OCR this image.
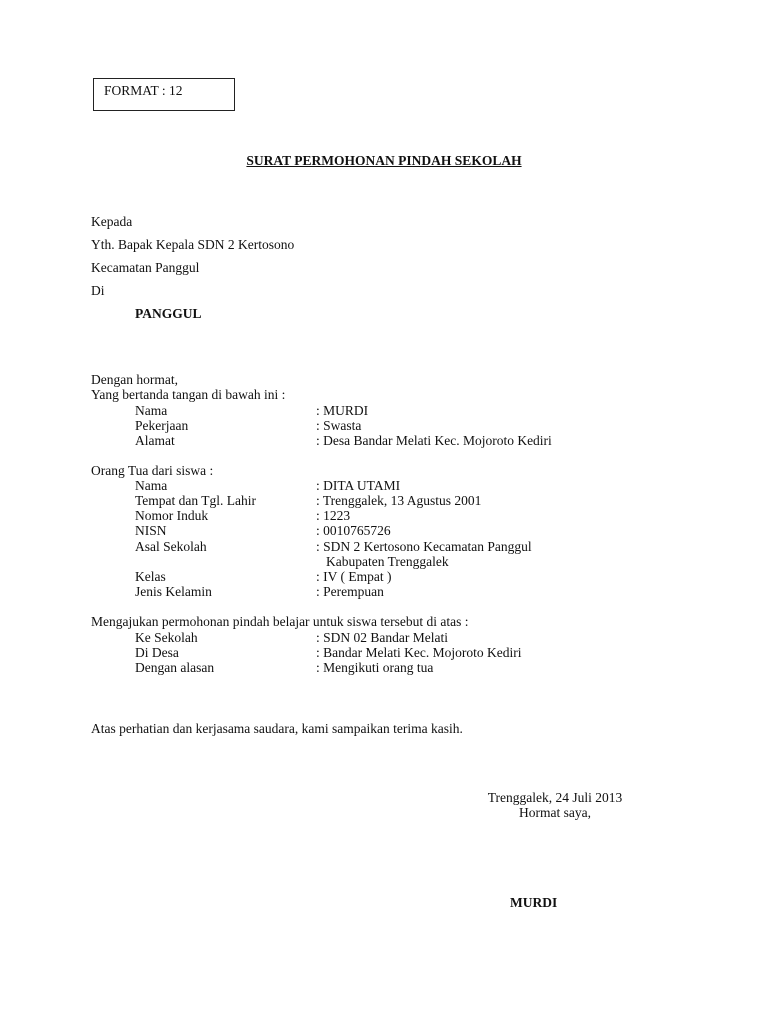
FORMAT : 12
SURAT PERMOHONAN PINDAH SEKOLAH
Kepada
Yth. Bapak Kepala SDN 2 Kertosono
Kecamatan Panggul
Di
PANGGUL
Dengan hormat,
Yang bertanda tangan di bawah ini :
Nama	: MURDI
Pekerjaan	: Swasta
Alamat	: Desa Bandar Melati Kec. Mojoroto Kediri
Orang Tua dari siswa :
Nama	: DITA UTAMI
Tempat dan Tgl. Lahir	: Trenggalek, 13 Agustus 2001
Nomor Induk	: 1223
NISN	: 0010765726
Asal Sekolah	: SDN 2 Kertosono Kecamatan Panggul
Kabupaten Trenggalek
Kelas	: IV ( Empat )
Jenis Kelamin	: Perempuan
Mengajukan permohonan pindah belajar untuk siswa tersebut di atas :
Ke Sekolah	: SDN 02 Bandar Melati
Di Desa	: Bandar Melati Kec. Mojoroto Kediri
Dengan alasan	: Mengikuti orang tua
Atas perhatian dan kerjasama saudara, kami sampaikan terima kasih.
Trenggalek, 24 Juli 2013
Hormat saya,
MURDI
